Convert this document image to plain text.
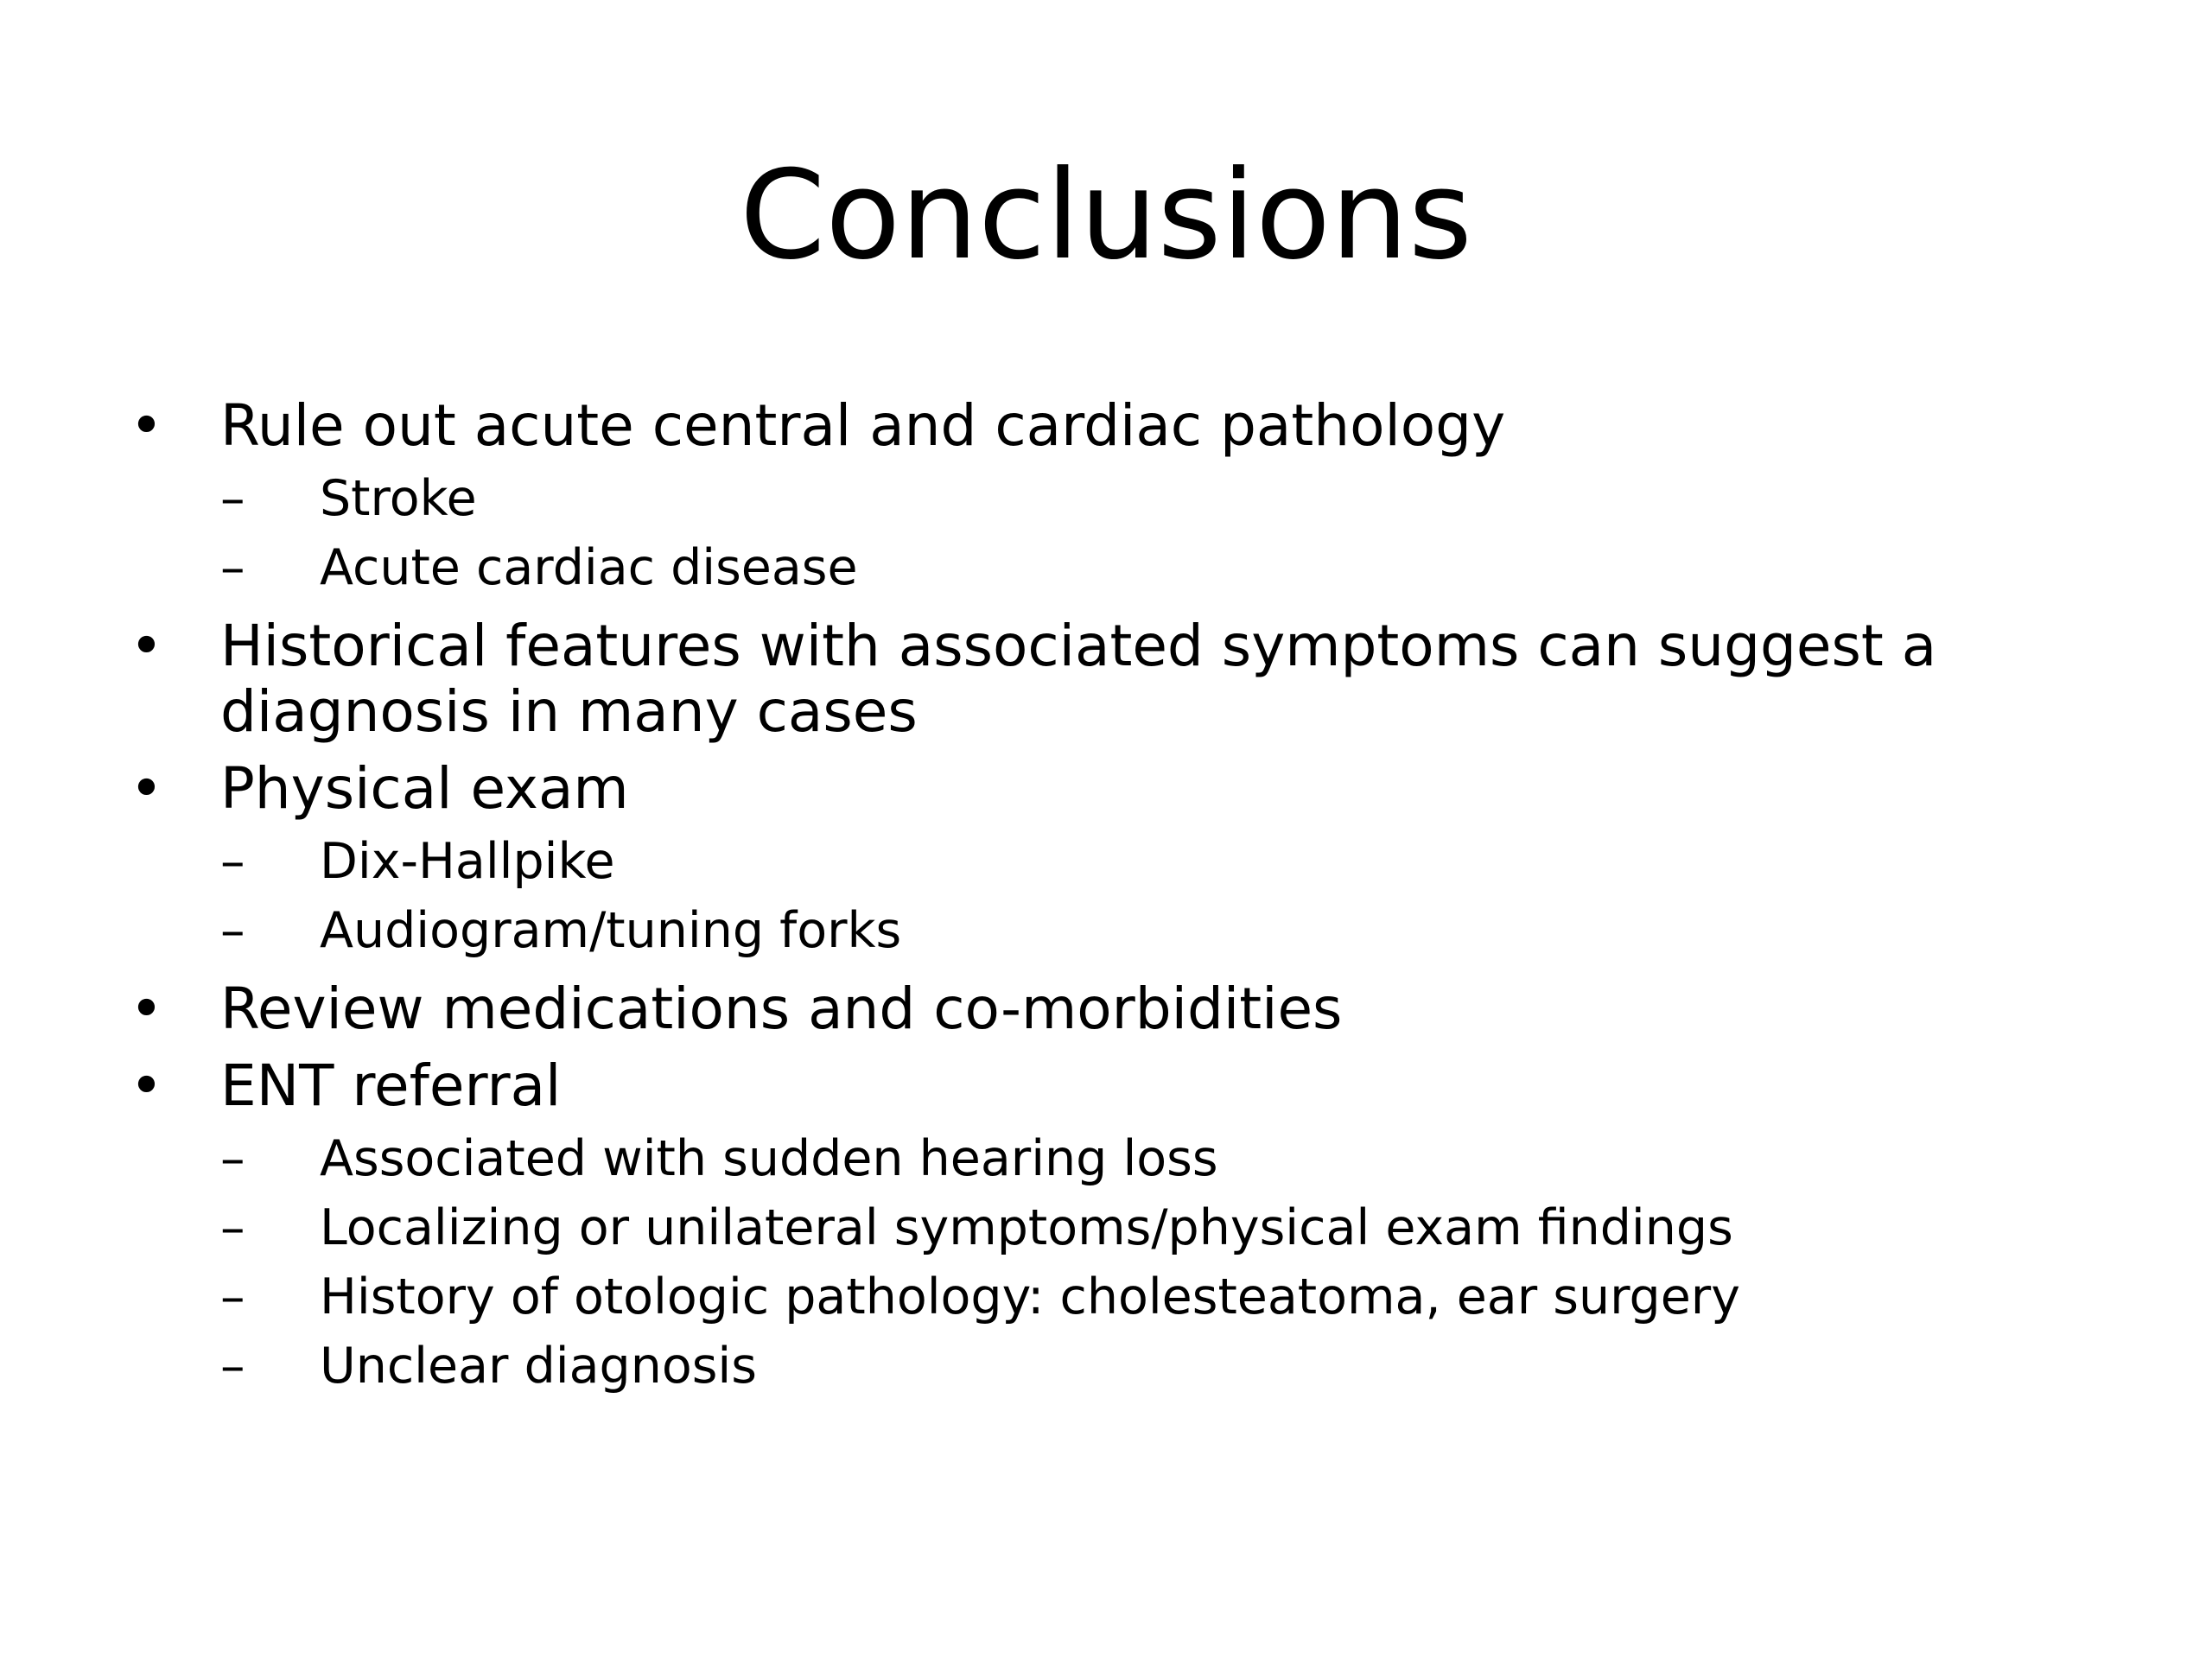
Conclusions
• Rule out acute central and cardiac pathology
– Stroke
– Acute cardiac disease
• Historical features with associated symptoms can suggest a diagnosis in many cases
• Physical exam
– Dix-Hallpike
– Audiogram/tuning forks
• Review medications and co-morbidities
• ENT referral
– Associated with sudden hearing loss
– Localizing or unilateral symptoms/physical exam findings
– History of otologic pathology: cholesteatoma, ear surgery
– Unclear diagnosis
